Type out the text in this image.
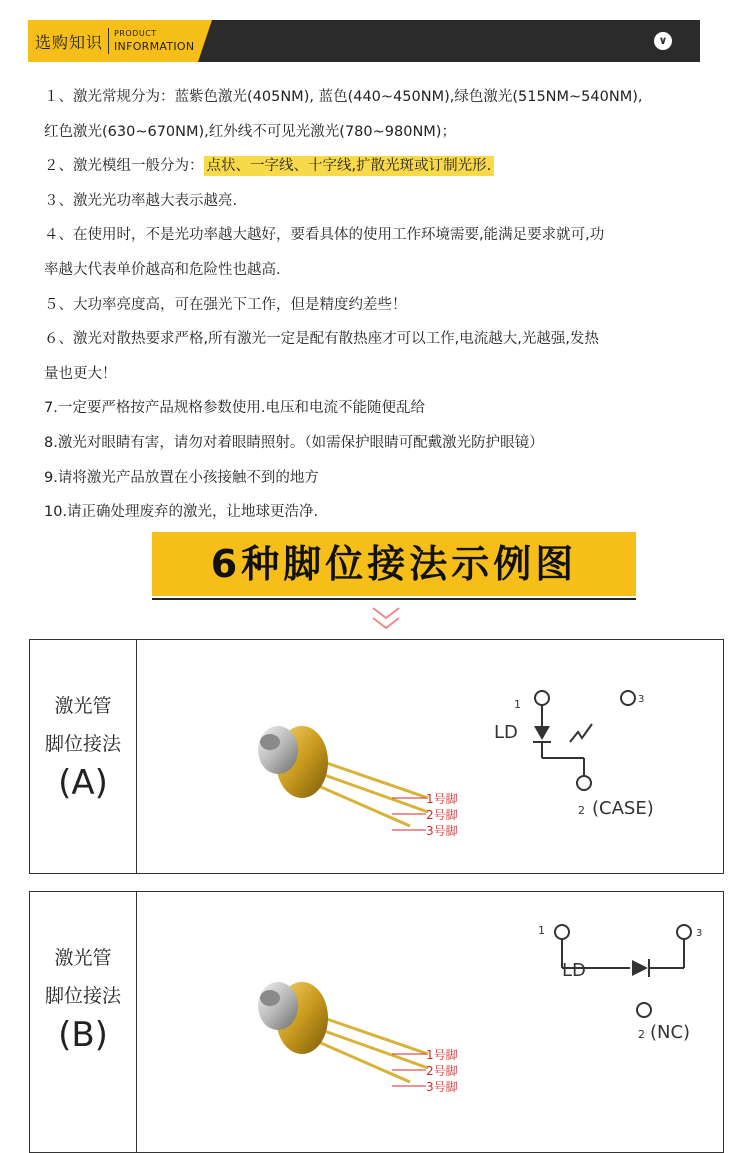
选购知识 PRODUCT
INFORMATION	∨

１、激光常规分为：蓝紫色激光(405NM), 蓝色(440~450NM),绿色激光(515NM~540NM),

红色激光(630~670NM),红外线不可见光激光(780~980NM)；

２、激光模组一般分为： 点状、一字线、十字线,扩散光斑或订制光形.

３、激光光功率越大表示越亮.

４、在使用时，不是光功率越大越好，要看具体的使用工作环境需要,能满足要求就可,功

率越大代表单价越高和危险性也越高.

５、大功率亮度高，可在强光下工作，但是精度约差些！

６、激光对散热要求严格,所有激光一定是配有散热座才可以工作,电流越大,光越强,发热

量也更大！

7.一定要严格按产品规格参数使用.电压和电流不能随便乱给

8.激光对眼睛有害，请勿对着眼睛照射。（如需保护眼睛可配戴激光防护眼镜）

9.请将激光产品放置在小孩接触不到的地方

10.请正确处理废弃的激光，让地球更浩净.

6种脚位接法示例图
激光管
脚位接法
(A)	1号脚
2号脚
3号脚
1
LD
3
2 (CASE)
激光管
脚位接法
(B)	1号脚
2号脚
3号脚
1	3
LD
2 (NC)
